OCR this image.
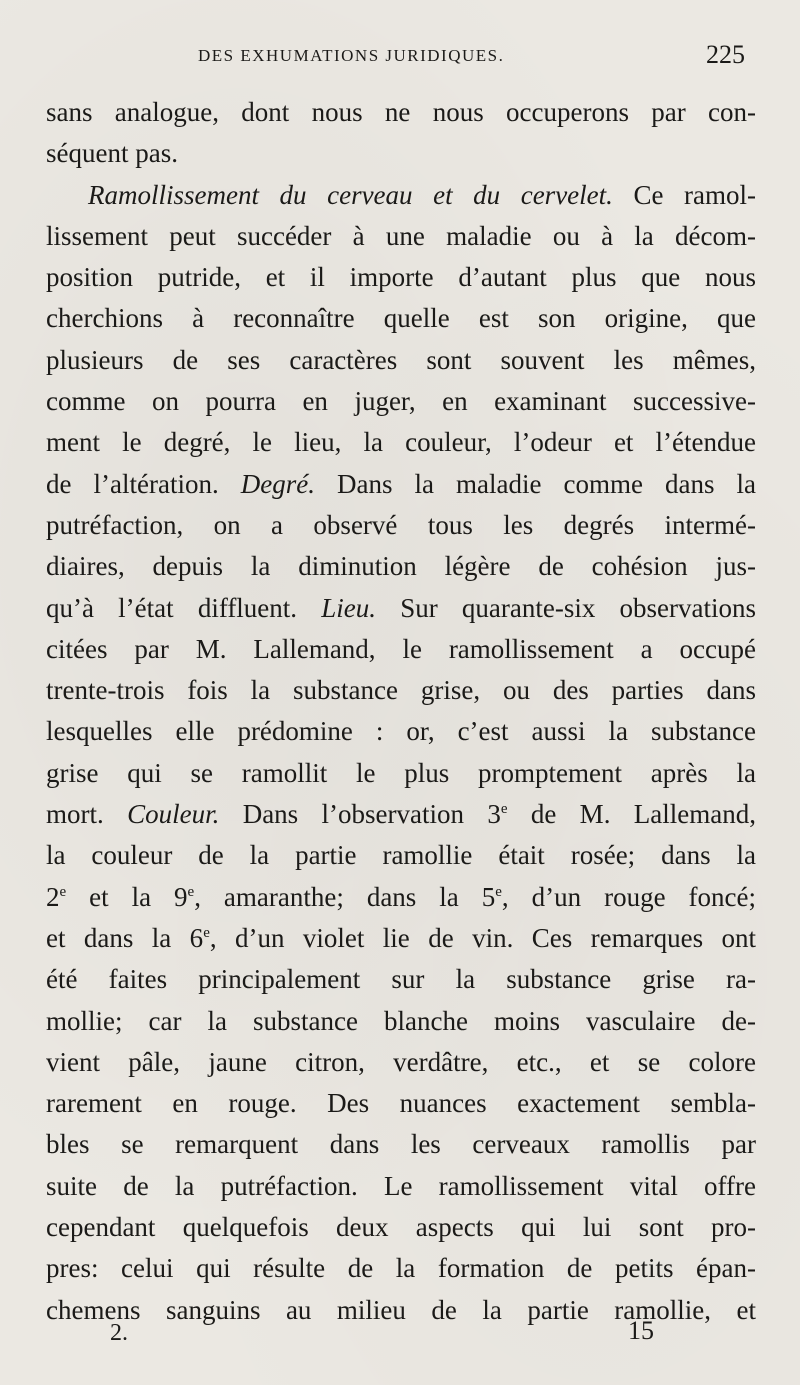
DES EXHUMATIONS JURIDIQUES.	225
sans analogue, dont nous ne nous occuperons par con-
séquent pas.
Ramollissement du cerveau et du cervelet. Ce ramol-
lissement peut succéder à une maladie ou à la décom-
position putride, et il importe d’autant plus que nous
cherchions à reconnaître quelle est son origine, que
plusieurs de ses caractères sont souvent les mêmes,
comme on pourra en juger, en examinant successive-
ment le degré, le lieu, la couleur, l’odeur et l’étendue
de l’altération. Degré. Dans la maladie comme dans la
putréfaction, on a observé tous les degrés intermé-
diaires, depuis la diminution légère de cohésion jus-
qu’à l’état diffluent. Lieu. Sur quarante-six observations
citées par M. Lallemand, le ramollissement a occupé
trente-trois fois la substance grise, ou des parties dans
lesquelles elle prédomine : or, c’est aussi la substance
grise qui se ramollit le plus promptement après la
mort. Couleur. Dans l’observation 3e de M. Lallemand,
la couleur de la partie ramollie était rosée; dans la
2e et la 9e, amaranthe; dans la 5e, d’un rouge foncé;
et dans la 6e, d’un violet lie de vin. Ces remarques ont
été faites principalement sur la substance grise ra-
mollie; car la substance blanche moins vasculaire de-
vient pâle, jaune citron, verdâtre, etc., et se colore
rarement en rouge. Des nuances exactement sembla-
bles se remarquent dans les cerveaux ramollis par
suite de la putréfaction. Le ramollissement vital offre
cependant quelquefois deux aspects qui lui sont pro-
pres: celui qui résulte de la formation de petits épan-
chemens sanguins au milieu de la partie ramollie, et
2.	15
